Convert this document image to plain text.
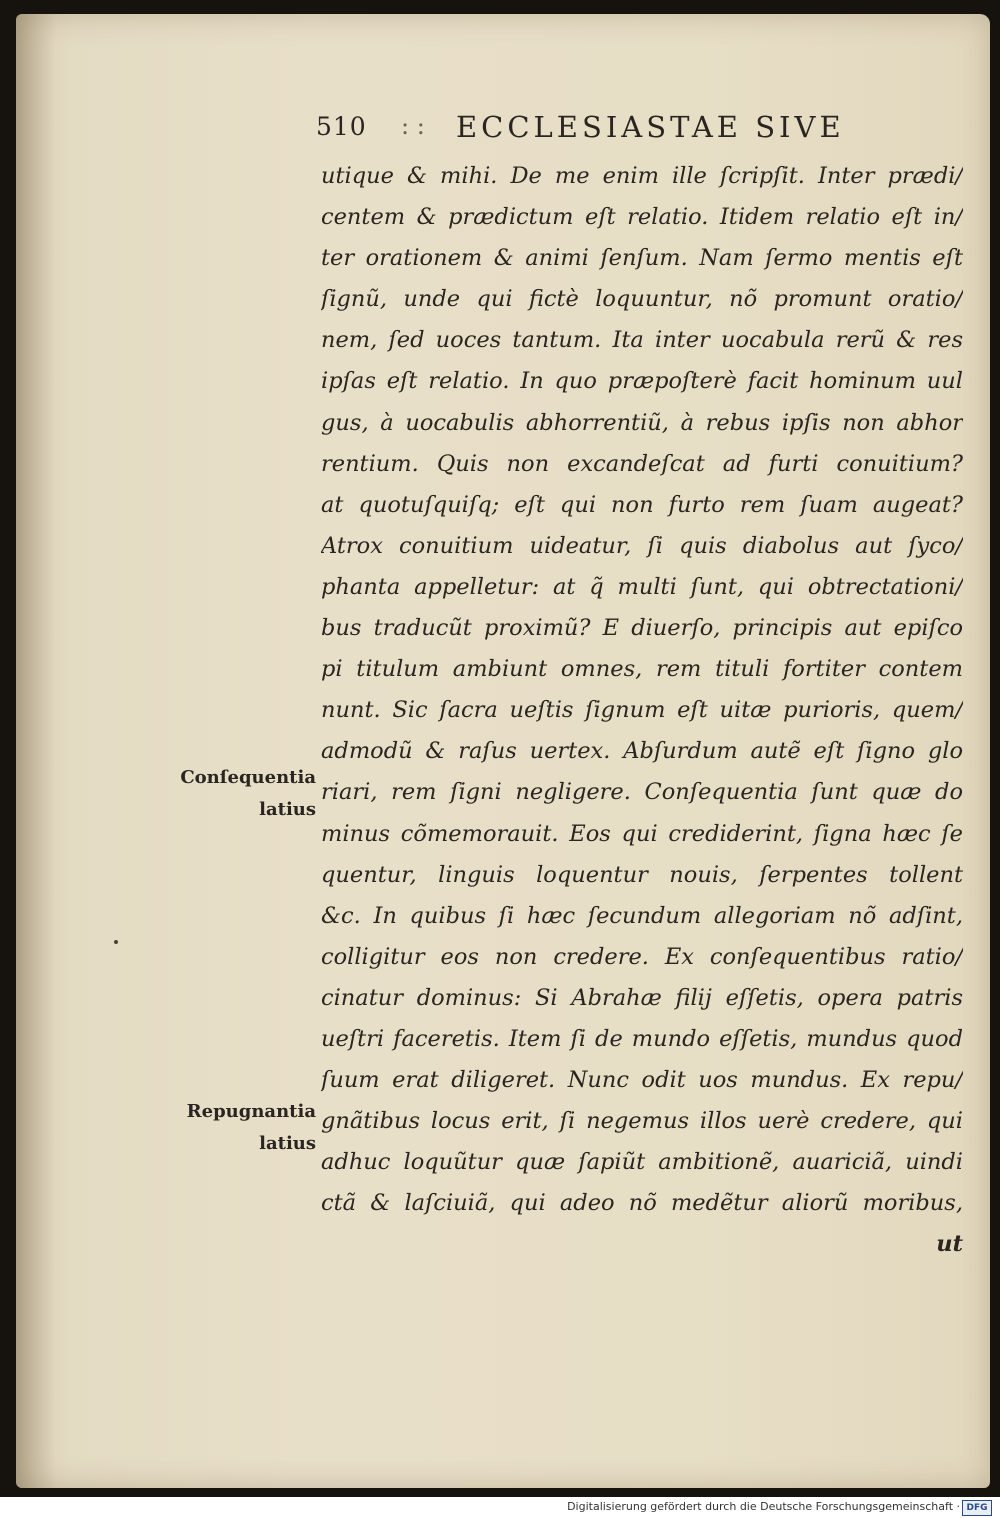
510 : : ECCLESIASTAE SIVE
Conſequentia
latius
Repugnantia
latius
utique & mihi. De me enim ille ſcripſit. Inter prædi/
centem & prædictum eſt relatio. Itidem relatio eſt in/
ter orationem & animi ſenſum. Nam ſermo mentis eſt
ſignũ, unde qui fictè loquuntur, nõ promunt oratio/
nem, ſed uoces tantum. Ita inter uocabula rerũ & res
ipſas eſt relatio. In quo præpoſterè facit hominum uul
gus, à uocabulis abhorrentiũ, à rebus ipſis non abhor
rentium. Quis non excandeſcat ad furti conuitium?
at quotuſquiſq; eſt qui non furto rem ſuam augeat?
Atrox conuitium uideatur, ſi quis diabolus aut ſyco/
phanta appelletur: at q̃ multi ſunt, qui obtrectationi/
bus traducũt proximũ? E diuerſo, principis aut epiſco
pi titulum ambiunt omnes, rem tituli fortiter contem
nunt. Sic ſacra ueſtis ſignum eſt uitæ purioris, quem/
admodũ & raſus uertex. Abſurdum autẽ eſt ſigno glo
riari, rem ſigni negligere. Conſequentia ſunt quæ do
minus cõmemorauit. Eos qui crediderint, ſigna hæc ſe
quentur, linguis loquentur nouis, ſerpentes tollent
&c. In quibus ſi hæc ſecundum allegoriam nõ adſint,
colligitur eos non credere. Ex conſequentibus ratio/
cinatur dominus: Si Abrahæ filij eſſetis, opera patris
ueſtri faceretis. Item ſi de mundo eſſetis, mundus quod
ſuum erat diligeret. Nunc odit uos mundus. Ex repu/
gnãtibus locus erit, ſi negemus illos uerè credere, qui
adhuc loquũtur quæ ſapiũt ambitionẽ, auariciã, uindi
ctã & laſciuiã, qui adeo nõ medẽtur aliorũ moribus,
ut
Digitalisierung gefördert durch die Deutsche Forschungsgemeinschaft · DFG
